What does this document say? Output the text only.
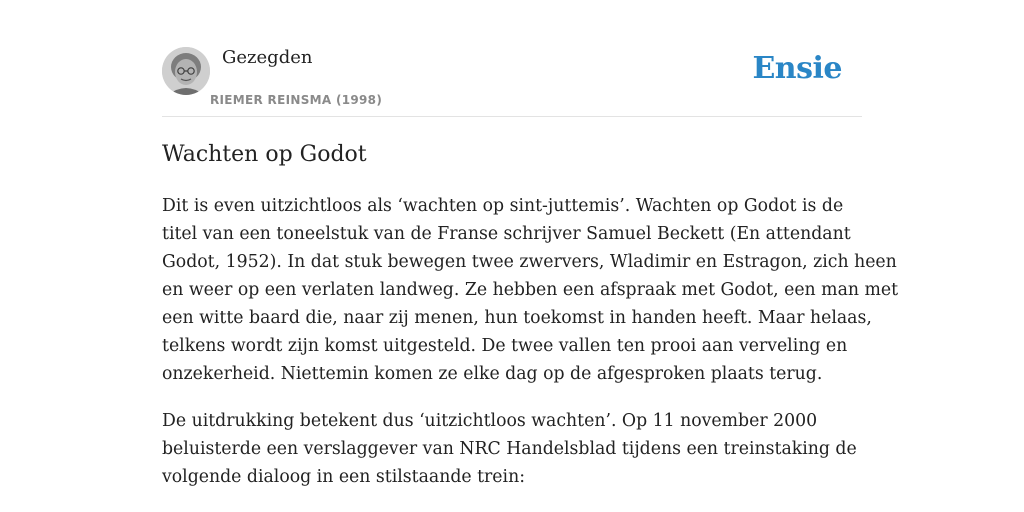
Gezegden
RIEMER REINSMA (1998)
Ensie
Wachten op Godot

Dit is even uitzichtloos als ‘wachten op sint-juttemis’. Wachten op Godot is de
titel van een toneelstuk van de Franse schrijver Samuel Beckett (En attendant
Godot, 1952). In dat stuk bewegen twee zwervers, Wladimir en Estragon, zich heen
en weer op een verlaten landweg. Ze hebben een afspraak met Godot, een man met
een witte baard die, naar zij menen, hun toekomst in handen heeft. Maar helaas,
telkens wordt zijn komst uitgesteld. De twee vallen ten prooi aan verveling en
onzekerheid. Niettemin komen ze elke dag op de afgesproken plaats terug.

De uitdrukking betekent dus ‘uitzichtloos wachten’. Op 11 november 2000
beluisterde een verslaggever van NRC Handelsblad tijdens een treinstaking de
volgende dialoog in een stilstaande trein:
